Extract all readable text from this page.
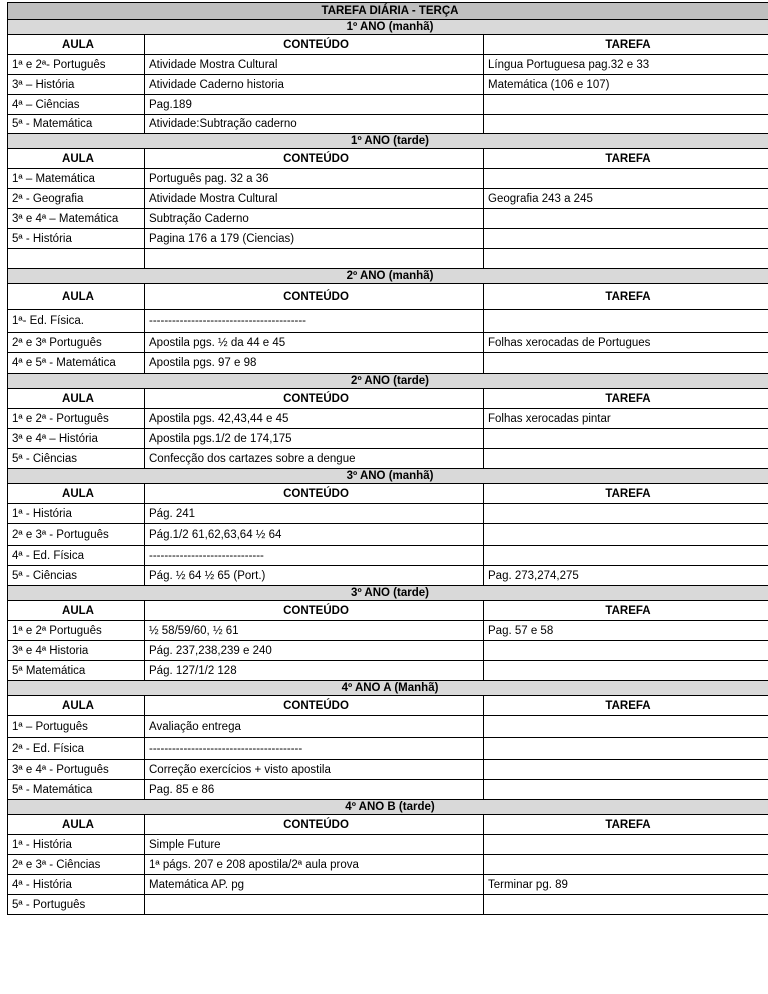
TAREFA DIÁRIA - TERÇA		
1º ANO (manhã)		
AULA	CONTEÚDO	TAREFA
1ª e 2ª- Português	Atividade Mostra Cultural	Língua Portuguesa pag.32 e 33
3ª – História	Atividade Caderno historia	Matemática (106 e 107)
4ª – Ciências	Pag.189	
5ª - Matemática	Atividade:Subtração caderno	
1º ANO (tarde)		
AULA	CONTEÚDO	TAREFA
1ª – Matemática	Português pag. 32 a 36	
2ª - Geografia	Atividade Mostra Cultural	Geografia 243 a 245
3ª e 4ª – Matemática	Subtração Caderno	
5ª - História	Pagina 176 a 179 (Ciencias)	

2º ANO (manhã)		
AULA	CONTEÚDO	TAREFA
1ª- Ed. Física.	-----------------------------------------	
2ª e 3ª Português	Apostila pgs. ½ da 44 e 45	Folhas xerocadas de Portugues
4ª e 5ª - Matemática	Apostila pgs. 97 e 98	
2º ANO (tarde)		
AULA	CONTEÚDO	TAREFA
1ª e 2ª - Português	Apostila pgs. 42,43,44 e 45	Folhas xerocadas pintar
3ª e 4ª – História	Apostila pgs.1/2 de 174,175	
5ª - Ciências	Confecção dos cartazes sobre a dengue	
3º ANO (manhã)		
AULA	CONTEÚDO	TAREFA
1ª - História	Pág. 241	
2ª e 3ª - Português	Pág.1/2 61,62,63,64 ½ 64	
4ª - Ed. Física	------------------------------	
5ª - Ciências	Pág. ½ 64 ½ 65 (Port.)	Pag. 273,274,275
3º ANO (tarde)		
AULA	CONTEÚDO	TAREFA
1ª e 2ª Português	½ 58/59/60, ½ 61	Pag. 57 e 58
3ª e 4ª Historia	Pág. 237,238,239 e 240	
5ª Matemática	Pág. 127/1/2 128	
4º ANO A (Manhã)		
AULA	CONTEÚDO	TAREFA
1ª – Português	Avaliação entrega	
2ª - Ed. Física	----------------------------------------	
3ª e 4ª - Português	Correção exercícios + visto apostila	
5ª - Matemática	Pag. 85 e 86	
4º ANO B (tarde)		
AULA	CONTEÚDO	TAREFA
1ª - História	Simple Future	
2ª e 3ª - Ciências	1ª págs. 207 e 208 apostila/2ª aula prova	
4ª - História	Matemática AP. pg	Terminar pg. 89
5ª - Português		
